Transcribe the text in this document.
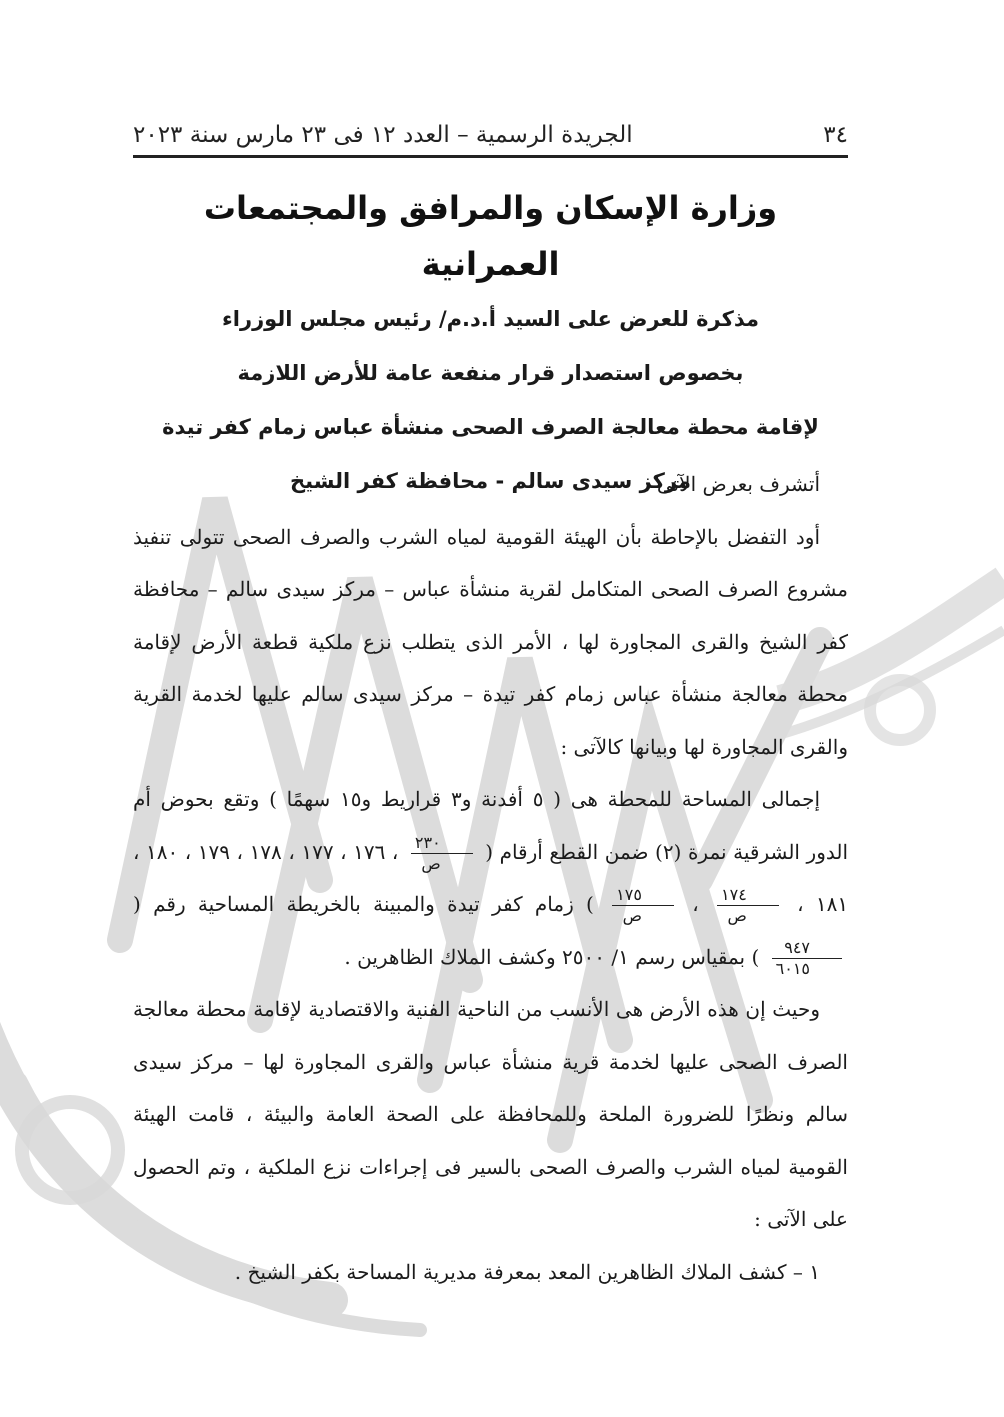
٣٤
الجريدة الرسمية – العدد ١٢ فى ٢٣ مارس سنة ٢٠٢٣
وزارة الإسكان والمرافق والمجتمعات العمرانية
مذكرة للعرض على السيد أ.د.م/ رئيس مجلس الوزراء
بخصوص استصدار قرار منفعة عامة للأرض اللازمة
لإقامة محطة معالجة الصرف الصحى منشأة عباس زمام كفر تيدة
مركز سيدى سالم - محافظة كفر الشيخ

أتشرف بعرض الآتى :

أود التفضل بالإحاطة بأن الهيئة القومية لمياه الشرب والصرف الصحى تتولى تنفيذ مشروع الصرف الصحى المتكامل لقرية منشأة عباس – مركز سيدى سالم – محافظة كفر الشيخ والقرى المجاورة لها ، الأمر الذى يتطلب نزع ملكية قطعة الأرض لإقامة محطة معالجة منشأة عباس زمام كفر تيدة – مركز سيدى سالم عليها لخدمة القرية والقرى المجاورة لها وبيانها كالآتى :

إجمالى المساحة للمحطة هى ( ٥ أفدنة و٣ قراريط و١٥ سهمًا ) وتقع بحوض أم الدور الشرقية نمرة (٢) ضمن القطع أرقام (
$\frac{٢٣٠}{\text{ص}}$
، ١٧٦ ، ١٧٧ ، ١٧٨ ، ١٧٩ ، ١٨٠ ، ١٨١ ،
$\frac{١٧٤}{\text{ص}}$
،
$\frac{١٧٥}{\text{ص}}$
) زمام كفر تيدة والمبينة بالخريطة المساحية رقم (
$\frac{٩٤٧}{٦٠١٥}$
) بمقياس رسم ١/ ٢٥٠٠ وكشف الملاك الظاهرين .

وحيث إن هذه الأرض هى الأنسب من الناحية الفنية والاقتصادية لإقامة محطة معالجة الصرف الصحى عليها لخدمة قرية منشأة عباس والقرى المجاورة لها – مركز سيدى سالم ونظرًا للضرورة الملحة وللمحافظة على الصحة العامة والبيئة ، قامت الهيئة القومية لمياه الشرب والصرف الصحى بالسير فى إجراءات نزع الملكية ، وتم الحصول على الآتى :

١ – كشف الملاك الظاهرين المعد بمعرفة مديرية المساحة بكفر الشيخ .
